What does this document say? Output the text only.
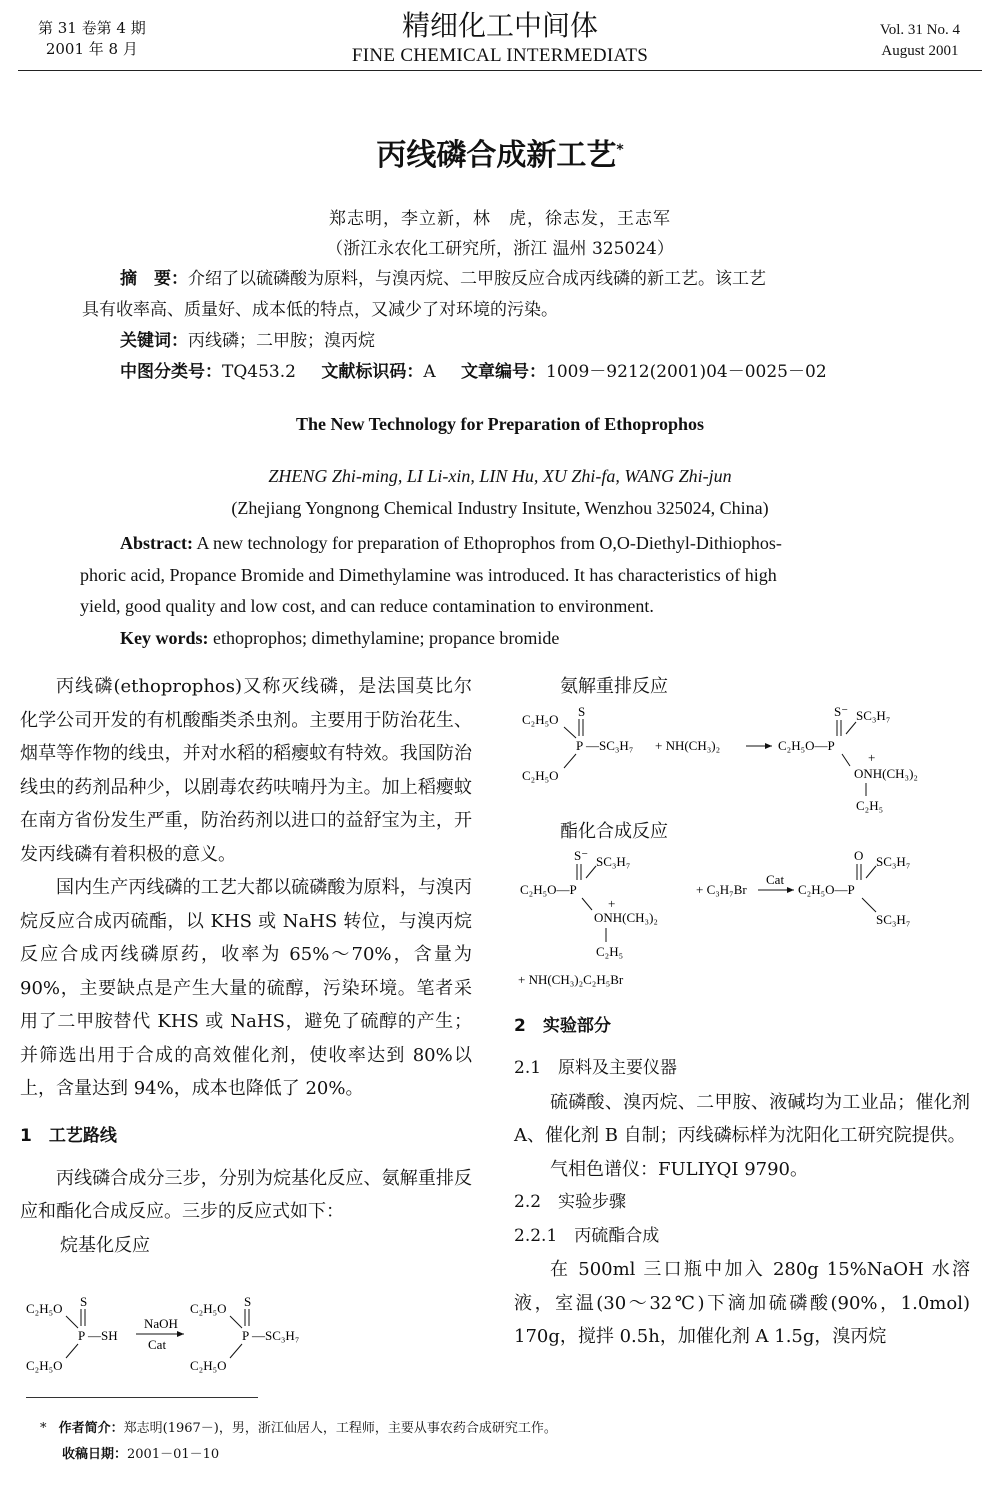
第 31 卷第 4 期
2001 年 8 月
精细化工中间体
FINE CHEMICAL INTERMEDIATS
Vol. 31 No. 4
August 2001
丙线磷合成新工艺*
郑志明，李立新，林　虎，徐志发，王志军
（浙江永农化工研究所，浙江 温州 325024）
摘　要：介绍了以硫磷酸为原料，与溴丙烷、二甲胺反应合成丙线磷的新工艺。该工艺
具有收率高、质量好、成本低的特点，又减少了对环境的污染。
关键词：丙线磷；二甲胺；溴丙烷
中图分类号：TQ453.2 文献标识码：A 文章编号：1009－9212(2001)04－0025－02
The New Technology for Preparation of Ethoprophos
ZHENG Zhi-ming, LI Li-xin, LIN Hu, XU Zhi-fa, WANG Zhi-jun
(Zhejiang Yongnong Chemical Industry Insitute, Wenzhou 325024, China)
Abstract: A new technology for preparation of Ethoprophos from O,O-Diethyl-Dithiophos-
phoric acid, Propance Bromide and Dimethylamine was introduced. It has characteristics of high
yield, good quality and low cost, and can reduce contamination to environment.
Key words: ethoprophos; dimethylamine; propance bromide

丙线磷(ethoprophos)又称灭线磷，是法国莫比尔化学公司开发的有机酸酯类杀虫剂。主要用于防治花生、烟草等作物的线虫，并对水稻的稻瘿蚊有特效。我国防治线虫的药剂品种少，以剧毒农药呋喃丹为主。加上稻瘿蚊在南方省份发生严重，防治药剂以进口的益舒宝为主，开发丙线磷有着积极的意义。

国内生产丙线磷的工艺大都以硫磷酸为原料，与溴丙烷反应合成丙硫酯，以 KHS 或 NaHS 转位，与溴丙烷反应合成丙线磷原药，收率为 65%～70%，含量为 90%，主要缺点是产生大量的硫醇，污染环境。笔者采用了二甲胺替代 KHS 或 NaHS，避免了硫醇的产生；并筛选出用于合成的高效催化剂，使收率达到 80%以上，含量达到 94%，成本也降低了 20%。

1　工艺路线

丙线磷合成分三步，分别为烷基化反应、氨解重排反应和酯化合成反应。三步的反应式如下：

烷基化反应

C₂H₅O S
P —SH
C₂H₅O
NaOH
Cat
C₂H₅O S
P —SC₃H₇
C₂H₅O
氨解重排反应
C₂H₅O
S
P —SC₃H₇
C₂H₅O
+ NH(CH₃)₂	C₂H₅O—P
S⁻ SC₃H₇
+
ONH(CH₃)₂
C₂H₅
酯化合成反应
C₂H₅O—P
S⁻ SC₃H₇
+
ONH(CH₃)₂
C₂H₅
+ C₃H₇Br
Cat
C₂H₅O—P
O SC₃H₇
SC₃H₇
+ NH(CH₃)₂C₂H₅Br

2　实验部分

2.1　原料及主要仪器

硫磷酸、溴丙烷、二甲胺、液碱均为工业品；催化剂 A、催化剂 B 自制；丙线磷标样为沈阳化工研究院提供。

气相色谱仪：FULIYQI 9790。

2.2　实验步骤

2.2.1　丙硫酯合成

在 500ml 三口瓶中加入 280g 15%NaOH 水溶液，室温(30～32℃)下滴加硫磷酸(90%，1.0mol) 170g，搅拌 0.5h，加催化剂 A 1.5g，溴丙烷

* 作者简介：郑志明(1967－)，男，浙江仙居人，工程师，主要从事农药合成研究工作。
收稿日期：2001－01－10
